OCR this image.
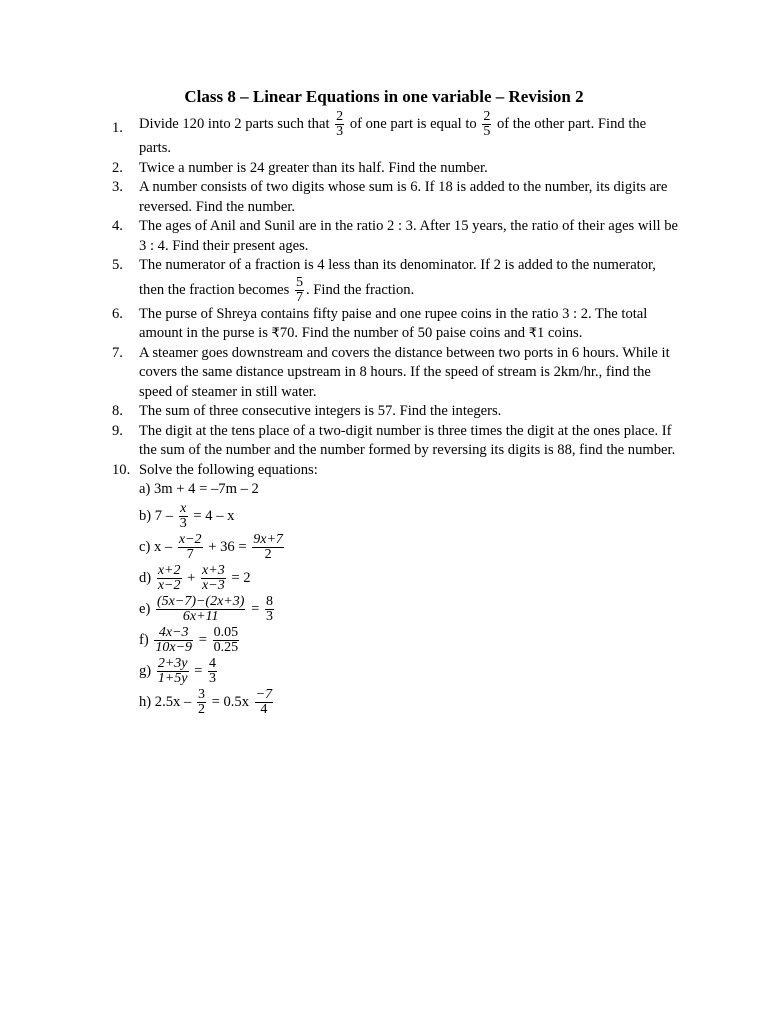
Class 8 – Linear Equations in one variable – Revision 2
1.	Divide 120 into 2 parts such that $\frac{2}{3}$ of one part is equal to $\frac{2}{5}$ of the other part. Find the parts.
2.	Twice a number is 24 greater than its half. Find the number.
3.	A number consists of two digits whose sum is 6. If 18 is added to the number, its digits are reversed. Find the number.
4.	The ages of Anil and Sunil are in the ratio 2 : 3. After 15 years, the ratio of their ages will be 3 : 4. Find their present ages.
5.	The numerator of a fraction is 4 less than its denominator. If 2 is added to the numerator, then the fraction becomes $\frac{5}{7}$ . Find the fraction.
6.	The purse of Shreya contains fifty paise and one rupee coins in the ratio 3 : 2. The total amount in the purse is ₹70. Find the number of 50 paise coins and ₹1 coins.
7.	A steamer goes downstream and covers the distance between two ports in 6 hours. While it covers the same distance upstream in 8 hours. If the speed of stream is 2km/hr., find the speed of steamer in still water.
8.	The sum of three consecutive integers is 57. Find the integers.
9.	The digit at the tens place of a two-digit number is three times the digit at the ones place. If the sum of the number and the number formed by reversing its digits is 88, find the number.
10. Solve the following equations:
a) 3m + 4 = –7m – 2
b) $7 - \frac{x}{3} = 4 - x$
c) $x - \frac{x-2}{7} + 36 = \frac{9x+7}{2}$
$d) \frac{x+2}{x-2} + \frac{x+3}{x-3} = 2$
$e) \frac{(5x-7)-(2x+3)}{6x+11} = \frac{8}{3}$
$f) \frac{4x-3}{10x-9} = \frac{0.05}{0.25}$
$g) \frac{2+3y}{1+5y} = \frac{4}{3}$
h) $2.5x - \frac{3}{2} = 0.5x \frac{-7}{4}$
